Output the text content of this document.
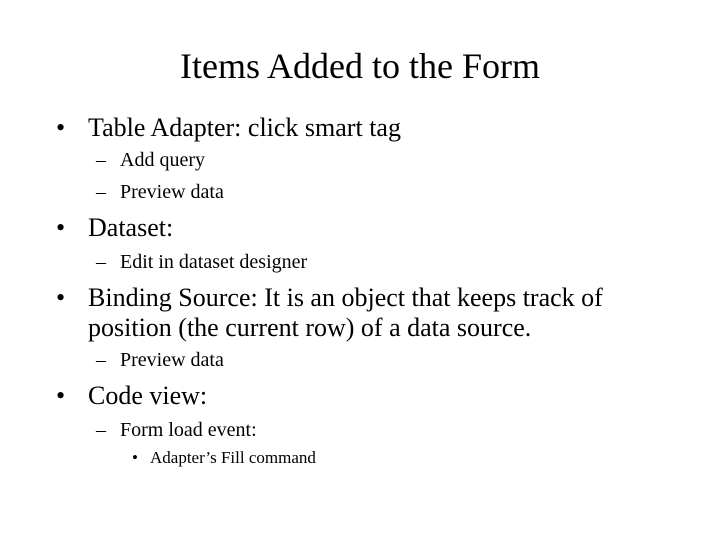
Items Added to the Form
• Table Adapter: click smart tag
– Add query
– Preview data
• Dataset:
– Edit in dataset designer
• Binding Source: It is an object that keeps track of
position (the current row) of a data source.
– Preview data
• Code view:
– Form load event:
• Adapter’s Fill command
